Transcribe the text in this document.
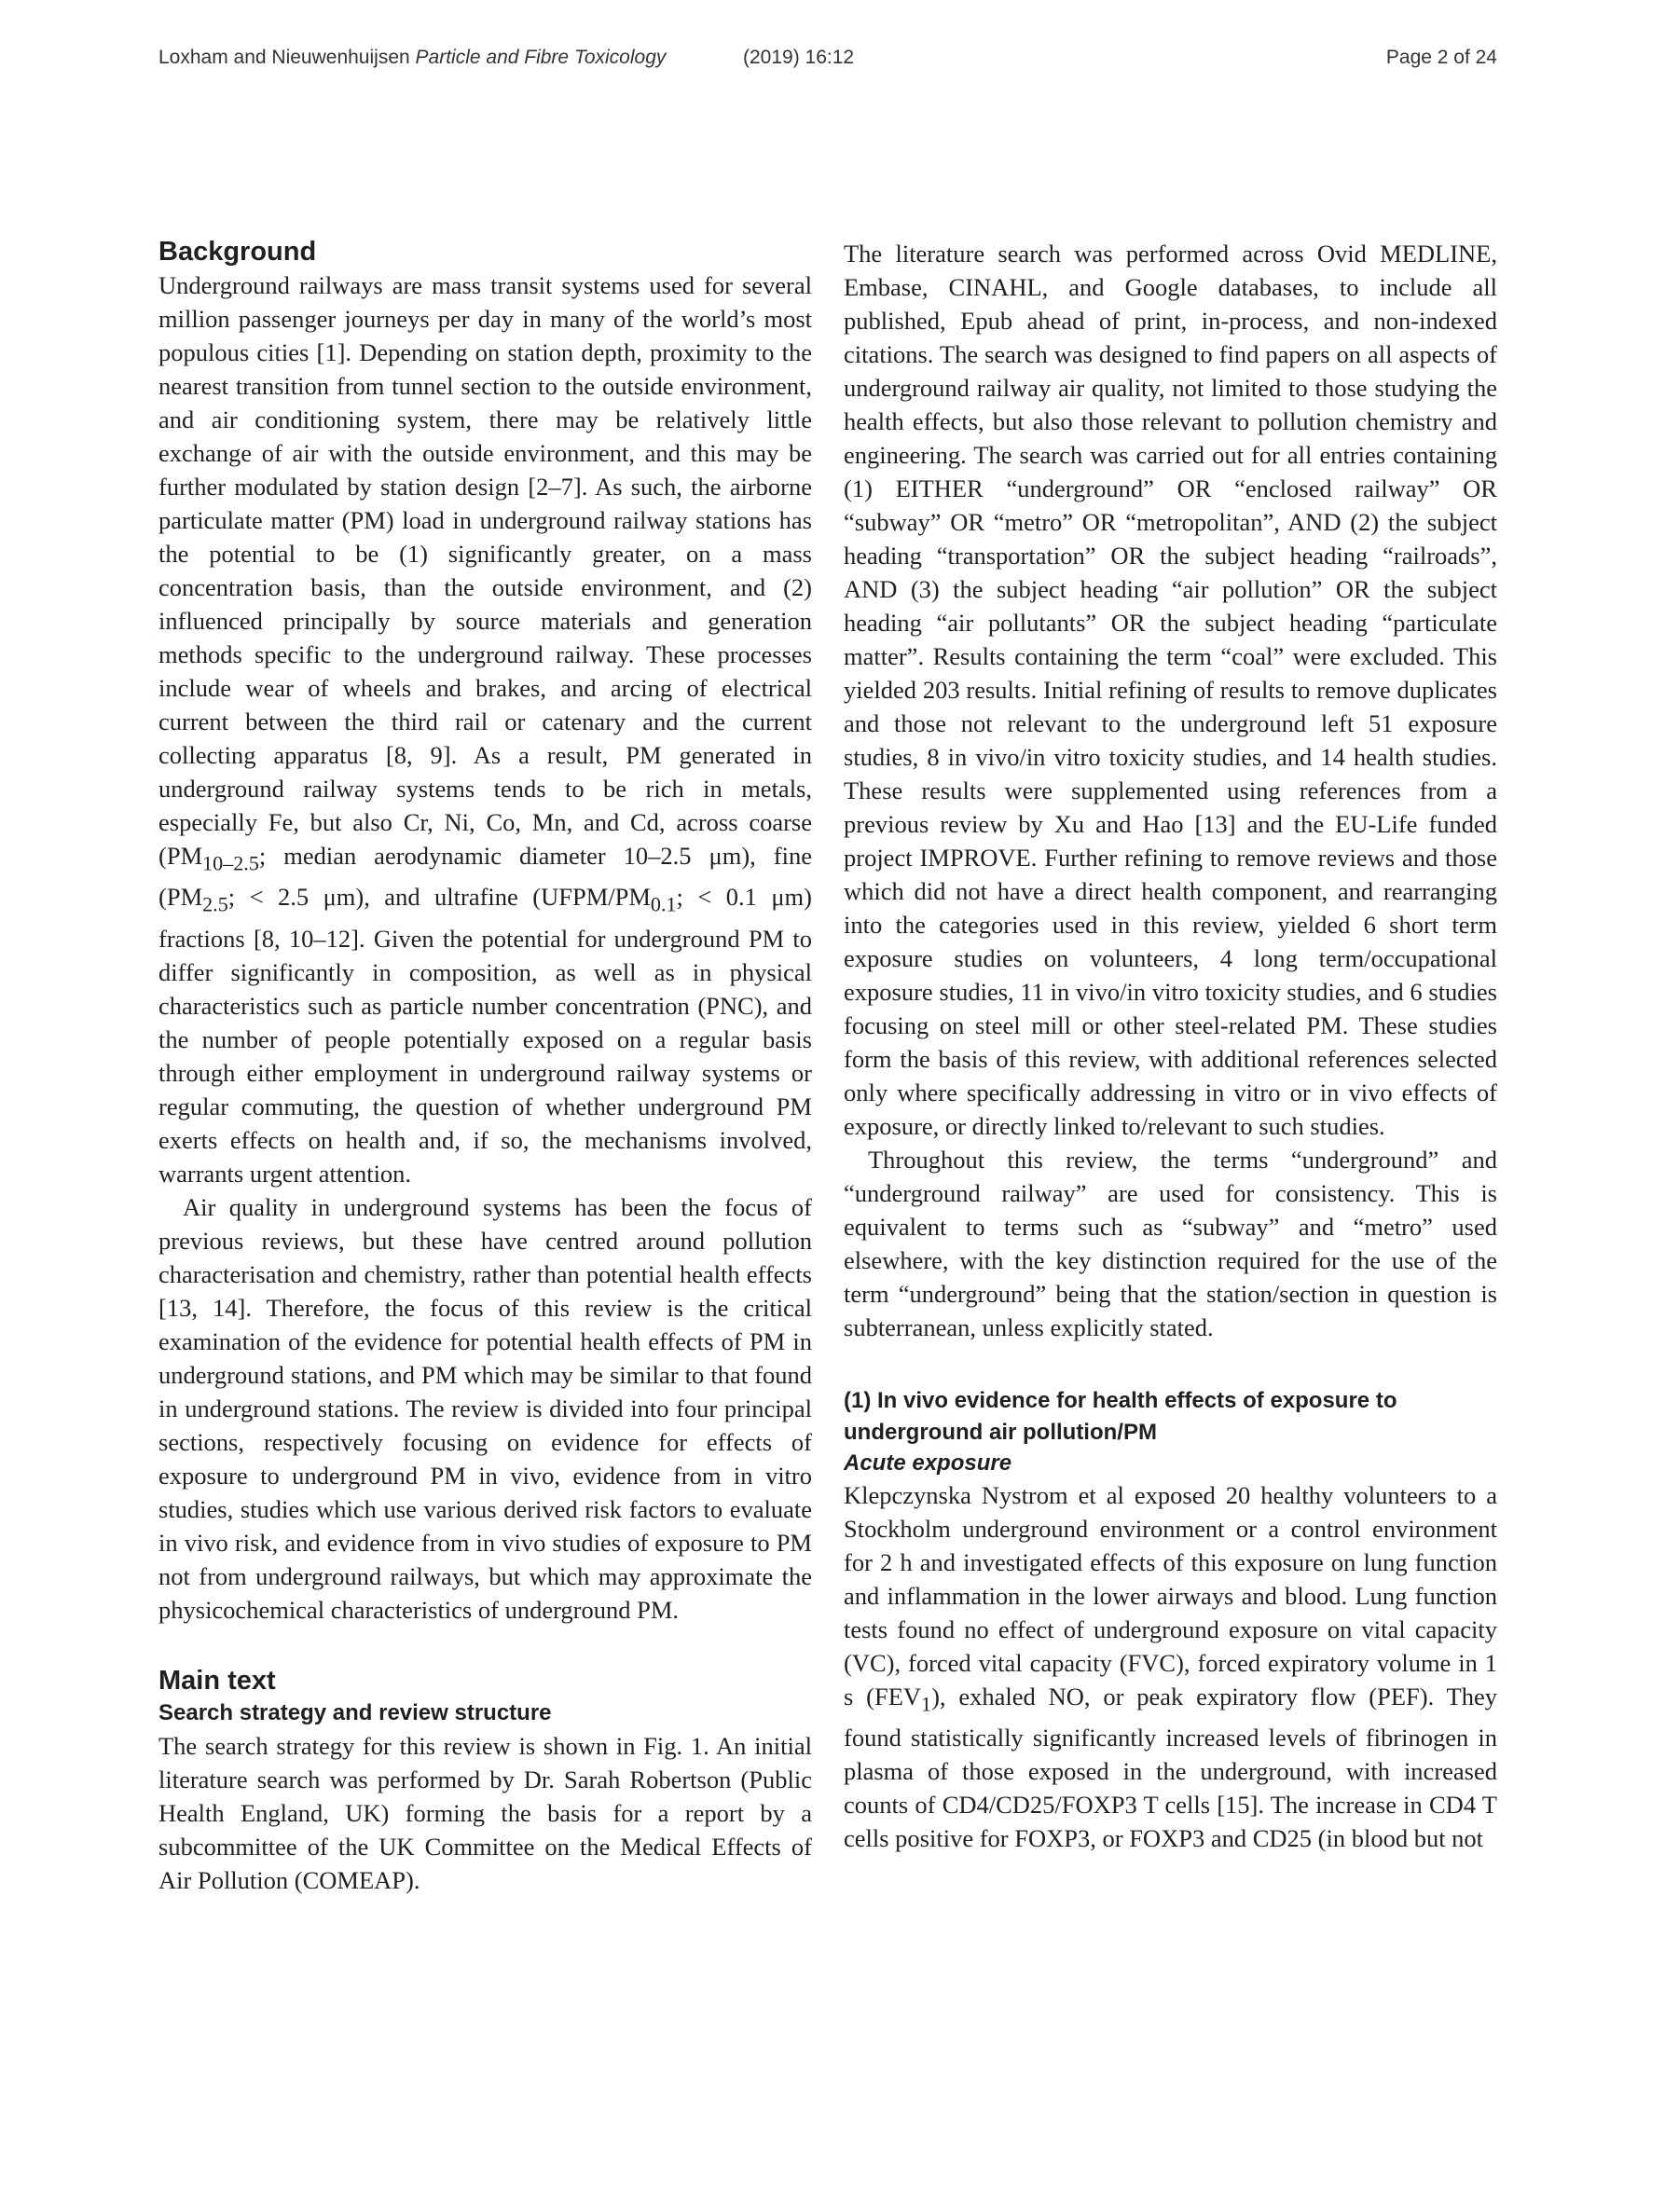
Loxham and Nieuwenhuijsen Particle and Fibre Toxicology	(2019) 16:12	Page 2 of 24
Background

Underground railways are mass transit systems used for several million passenger journeys per day in many of the world’s most populous cities [1]. Depending on station depth, proximity to the nearest transition from tunnel section to the outside environment, and air conditioning system, there may be relatively little exchange of air with the outside environment, and this may be further modulated by station design [2–7]. As such, the airborne particulate matter (PM) load in underground railway stations has the potential to be (1) significantly greater, on a mass concentration basis, than the outside environment, and (2) influenced principally by source materials and generation methods specific to the underground railway. These processes include wear of wheels and brakes, and arcing of electrical current between the third rail or catenary and the current collecting apparatus [8, 9]. As a result, PM generated in underground railway systems tends to be rich in metals, especially Fe, but also Cr, Ni, Co, Mn, and Cd, across coarse ($PM_{10-2.5}$; median aerodynamic diameter 10–2.5 μm), fine ($PM_{2.5}$; < 2.5 μm), and ultrafine ($UFPM/PM_{0.1}$; < 0.1 μm) fractions [8, 10–12]. Given the potential for underground PM to differ significantly in composition, as well as in physical characteristics such as particle number concentration (PNC), and the number of people potentially exposed on a regular basis through either employment in underground railway systems or regular commuting, the question of whether underground PM exerts effects on health and, if so, the mechanisms involved, warrants urgent attention.

Air quality in underground systems has been the focus of previous reviews, but these have centred around pollution characterisation and chemistry, rather than potential health effects [13, 14]. Therefore, the focus of this review is the critical examination of the evidence for potential health effects of PM in underground stations, and PM which may be similar to that found in underground stations. The review is divided into four principal sections, respectively focusing on evidence for effects of exposure to underground PM in vivo, evidence from in vitro studies, studies which use various derived risk factors to evaluate in vivo risk, and evidence from in vivo studies of exposure to PM not from underground railways, but which may approximate the physicochemical characteristics of underground PM.

Main text
Search strategy and review structure

The search strategy for this review is shown in Fig. 1. An initial literature search was performed by Dr. Sarah Robertson (Public Health England, UK) forming the basis for a report by a subcommittee of the UK Committee on the Medical Effects of Air Pollution (COMEAP).

The literature search was performed across Ovid MEDLINE, Embase, CINAHL, and Google databases, to include all published, Epub ahead of print, in-process, and non-indexed citations. The search was designed to find papers on all aspects of underground railway air quality, not limited to those studying the health effects, but also those relevant to pollution chemistry and engineering. The search was carried out for all entries containing (1) EITHER “underground” OR “enclosed railway” OR “subway” OR “metro” OR “metropolitan”, AND (2) the subject heading “transportation” OR the subject heading “railroads”, AND (3) the subject heading “air pollution” OR the subject heading “air pollutants” OR the subject heading “particulate matter”. Results containing the term “coal” were excluded. This yielded 203 results. Initial refining of results to remove duplicates and those not relevant to the underground left 51 exposure studies, 8 in vivo/in vitro toxicity studies, and 14 health studies. These results were supplemented using references from a previous review by Xu and Hao [13] and the EU-Life funded project IMPROVE. Further refining to remove reviews and those which did not have a direct health component, and rearranging into the categories used in this review, yielded 6 short term exposure studies on volunteers, 4 long term/occupational exposure studies, 11 in vivo/in vitro toxicity studies, and 6 studies focusing on steel mill or other steel-related PM. These studies form the basis of this review, with additional references selected only where specifically addressing in vitro or in vivo effects of exposure, or directly linked to/relevant to such studies.

Throughout this review, the terms “underground” and “underground railway” are used for consistency. This is equivalent to terms such as “subway” and “metro” used elsewhere, with the key distinction required for the use of the term “underground” being that the station/section in question is subterranean, unless explicitly stated.

(1) In vivo evidence for health effects of exposure to underground air pollution/PM
Acute exposure

Klepczynska Nystrom et al exposed 20 healthy volunteers to a Stockholm underground environment or a control environment for 2 h and investigated effects of this exposure on lung function and inflammation in the lower airways and blood. Lung function tests found no effect of underground exposure on vital capacity (VC), forced vital capacity (FVC), forced expiratory volume in 1 s $(FEV_1)$, exhaled NO, or peak expiratory flow (PEF). They found statistically significantly increased levels of fibrinogen in plasma of those exposed in the underground, with increased counts of CD4/CD25/FOXP3 T cells [15]. The increase in CD4 T cells positive for FOXP3, or FOXP3 and CD25 (in blood but not
